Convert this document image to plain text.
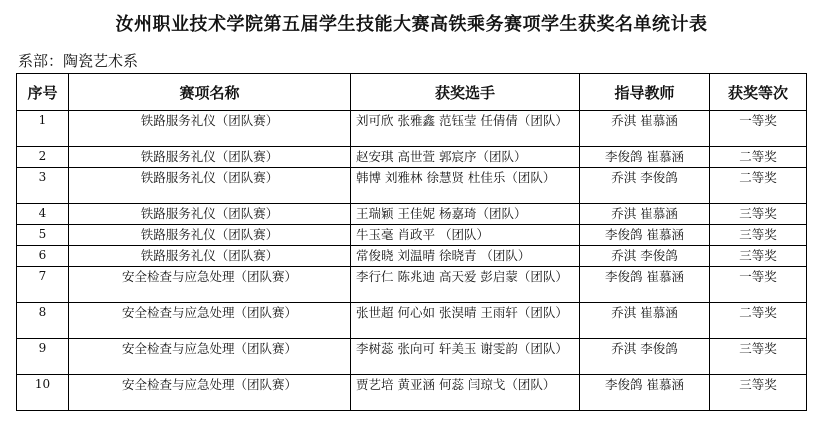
汝州职业技术学院第五届学生技能大赛高铁乘务赛项学生获奖名单统计表
系部：陶瓷艺术系
序号	赛项名称	获奖选手	指导教师	获奖等次
1	铁路服务礼仪（团队赛）	刘可欣 张雅鑫 范钰莹 任倩倩（团队）	乔淇 崔慕涵	一等奖
2	铁路服务礼仪（团队赛）	赵安琪 高世萱 郭宸序（团队）	李俊鸽 崔慕涵	二等奖
3	铁路服务礼仪（团队赛）	韩博 刘雅林 徐慧贤 杜佳乐（团队）	乔淇 李俊鸽	二等奖
4	铁路服务礼仪（团队赛）	王瑞颖 王佳妮 杨嘉琦（团队）	乔淇 崔慕涵	三等奖
5	铁路服务礼仪（团队赛）	牛玉毫 肖政平 （团队）	李俊鸽 崔慕涵	三等奖
6	铁路服务礼仪（团队赛）	常俊晓 刘温晴 徐晓青 （团队）	乔淇 李俊鸽	三等奖
7	安全检查与应急处理（团队赛）	李行仁 陈兆迪 高天爱 彭启蒙（团队）	李俊鸽 崔慕涵	一等奖
8	安全检查与应急处理（团队赛）	张世超 何心如 张淏晴 王雨轩（团队）	乔淇 崔慕涵	二等奖
9	安全检查与应急处理（团队赛）	李树蕊 张向可 轩美玉 谢雯韵（团队）	乔淇 李俊鸽	三等奖
10	安全检查与应急处理（团队赛）	贾艺培 黄亚涵 何蕊 闫琼戈（团队）	李俊鸽 崔慕涵	三等奖
